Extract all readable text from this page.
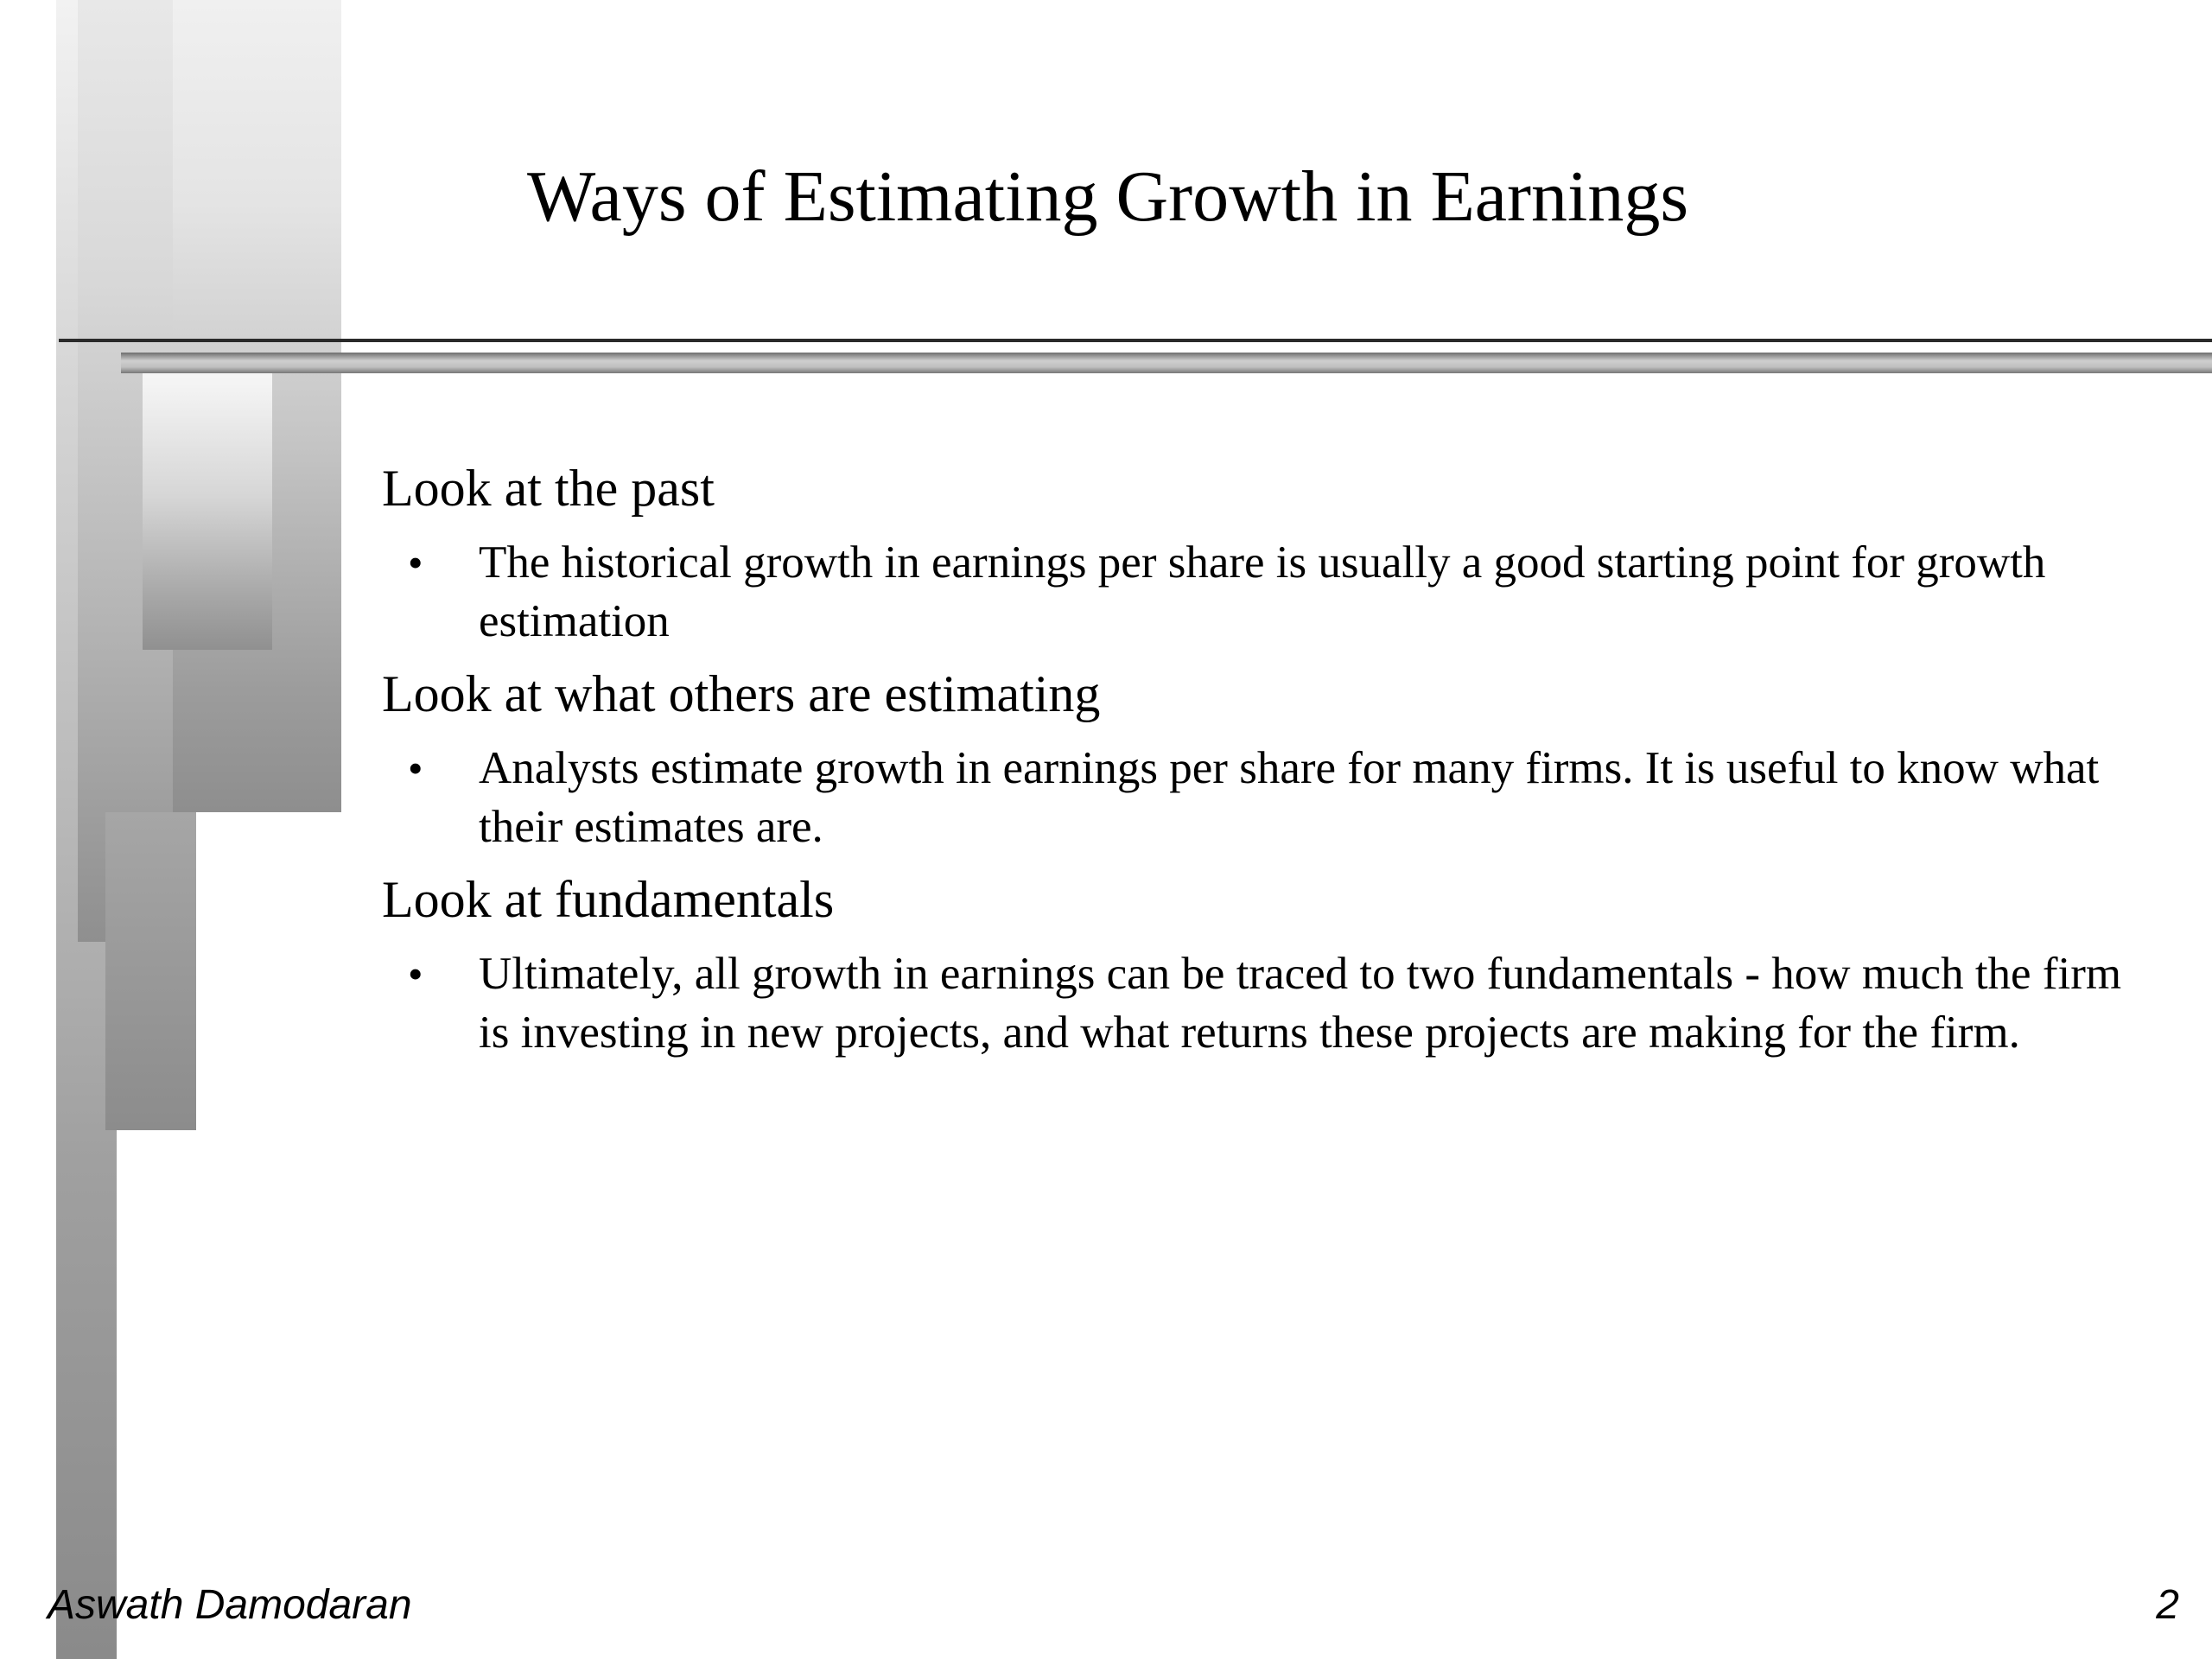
Ways of Estimating Growth in Earnings

Look at the past

• The historical growth in earnings per share is usually a good starting point for growth estimation

Look at what others are estimating

• Analysts estimate growth in earnings per share for many firms. It is useful to know what their estimates are.

Look at fundamentals

• Ultimately, all growth in earnings can be traced to two fundamentals - how much the firm is investing in new projects, and what returns these projects are making for the firm.
Aswath Damodaran	2
